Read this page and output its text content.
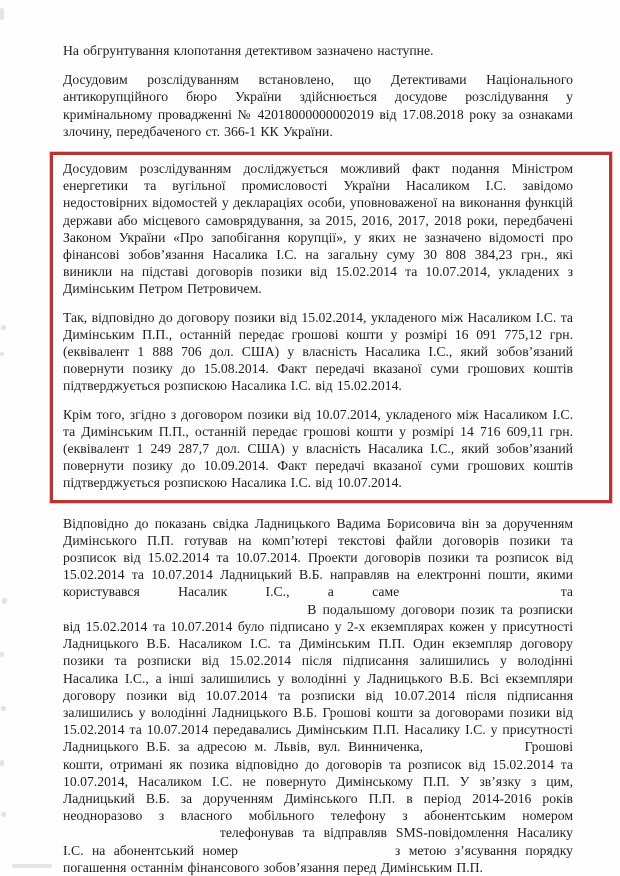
На обгрунтування клопотання детективом зазначено наступне.

Досудовим розслідуванням встановлено, що Детективами Національного антикорупційного бюро України здійснюється досудове розслідування у кримінальному провадженні № 42018000000002019 від 17.08.2018 року за ознаками злочину, передбаченого ст. 366-1 КК України.

Досудовим розслідуванням досліджується можливий факт подання Міністром енергетики та вугільної промисловості України Насаликом І.С. завідомо недостовірних відомостей у деклараціях особи, уповноваженої на виконання функцій держави або місцевого самоврядування, за 2015, 2016, 2017, 2018 роки, передбачені Законом України «Про запобігання корупції», у яких не зазначено відомості про фінансові зобов’язання Насалика І.С. на загальну суму 30 808 384,23 грн., які виникли на підставі договорів позики від 15.02.2014 та 10.07.2014, укладених з Димінським Петром Петровичем.

Так, відповідно до договору позики від 15.02.2014, укладеного між Насаликом І.С. та Димінським П.П., останній передає грошові кошти у розмірі 16 091 775,12 грн. (еквівалент 1 888 706 дол. США) у власність Насалика І.С., який зобов’язаний повернути позику до 15.08.2014. Факт передачі вказаної суми грошових коштів підтверджується розпискою Насалика І.С. від 15.02.2014.

Крім того, згідно з договором позики від 10.07.2014, укладеного між Насаликом І.С. та Димінським П.П., останній передає грошові кошти у розмірі 14 716 609,11 грн. (еквівалент 1 249 287,7 дол. США) у власність Насалика І.С., який зобов’язаний повернути позику до 10.09.2014. Факт передачі вказаної суми грошових коштів підтверджується розпискою Насалика І.С. від 10.07.2014.

Відповідно до показань свідка Ладницького Вадима Борисовича він за дорученням Димінського П.П. готував на комп’ютері текстові файли договорів позики та розписок від 15.02.2014 та 10.07.2014. Проекти договорів позики та розписок від 15.02.2014 та 10.07.2014 Ладницький В.Б. направляв на електронні пошти, якими користувався Насалик І.С., а саме	та  В подальшому договори позик та розписки від 15.02.2014 та 10.07.2014 було підписано у 2-х екземплярах кожен у присутності Ладницького В.Б. Насаликом І.С. та Димінським П.П. Один екземпляр договору позики та розписки від 15.02.2014 після підписання залишились у володінні Насалика І.С., а інші залишились у володінні у Ладницького В.Б. Всі екземпляри договору позики від 10.07.2014 та розписки від 10.07.2014 після підписання залишились у володінні Ладницького В.Б. Грошові кошти за договорами позики від 15.02.2014 та 10.07.2014 передавались Димінським П.П. Насалику І.С. у присутності Ладницького В.Б. за адресою м. Львів, вул. Винниченка,	Грошові кошти, отримані як позика відповідно до договорів та розписок від 15.02.2014 та 10.07.2014, Насаликом І.С. не повернуто Димінському П.П. У зв’язку з цим, Ладницький В.Б. за дорученням Димінського П.П. в період 2014-2016 років неодноразово з власного мобільного телефону з абонентським номером  телефонував та відправляв SMS-повідомлення Насалику І.С. на абонентський номер	з метою з’ясування порядку погашення останнім фінансового зобов’язання перед Димінським П.П.
